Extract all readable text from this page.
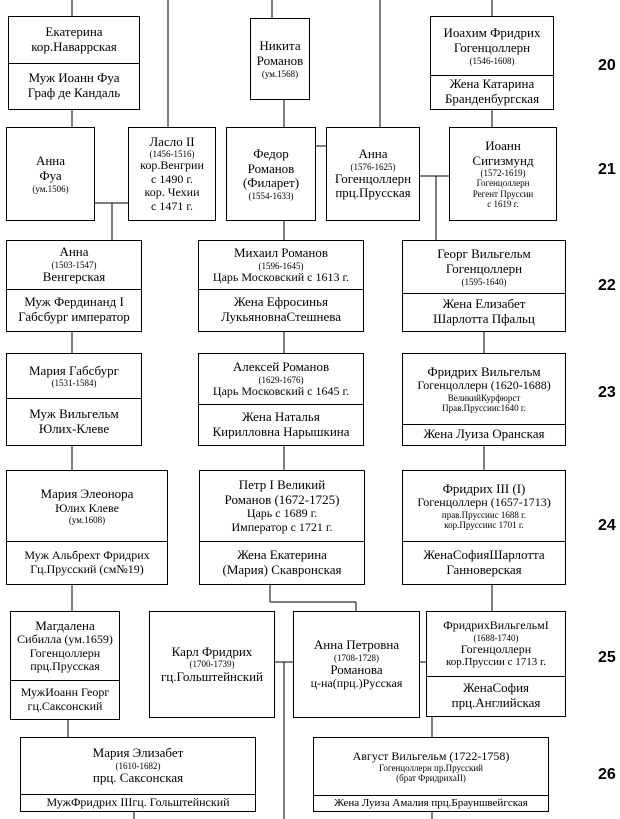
20
21
22
23
24
25
26
Екатерина
кор.Наваррская
Муж Иоанн Фуа
Граф де Кандаль
Никита
Романов
(ум.1568)
Иоахим Фридрих
Гогенцоллерн
(1546-1608)
Жена Катарина
Бранденбургская
Анна
Фуа
(ум.1506)
Ласло II
(1456-1516)
кор.Венгрии
с 1490 г.
кор. Чехии
с 1471 г.
Федор
Романов
(Филарет)
(1554-1633)
Анна
(1576-1625)
Гогенцоллерн
прц.Прусская
Иоанн
Сигизмунд
(1572-1619)
Гогенцоллерн
Регент Пруссии
с 1619 г.
Анна
(1503-1547)
Венгерская
Муж Фердинанд I
Габсбург император
Михаил Романов
(1596-1645)
Царь Московский с 1613 г.
Жена Ефросинья
ЛукьяновнаСтешнева
Георг Вильгельм
Гогенцоллерн
(1595-1640)
Жена Елизабет
Шарлотта Пфальц
Мария Габсбург
(1531-1584)
Муж Вильгельм
Юлих-Клеве
Алексей Романов
(1629-1676)
Царь Московский с 1645 г.
Жена Наталья
Кирилловна Нарышкина
Фридрих Вильгельм
Гогенцоллерн (1620-1688)
ВеликийКурфюрст
Прав.Пруссиис1640 г.
Жена Луиза Оранская
Мария Элеонора
Юлих Клеве
(ум.1608)
Муж Альбрехт Фридрих
Гц.Прусский (см№19)
Петр I Великий
Романов (1672-1725)
Царь с 1689 г.
Император с 1721 г.
Жена Екатерина
(Мария) Скавронская
Фридрих III (I)
Гогенцоллерн (1657-1713)
прав.Пруссиис 1688 г.
кор.Пруссиис 1701 г.
ЖенаСофияШарлотта
Ганноверская
Магдалена
Сибилла (ум.1659)
Гогенцоллерн
прц.Прусская
МужИоанн Георг
гц.Саксонский
Карл Фридрих
(1700-1739)
гц.Гольштейнский
Анна Петровна
(1708-1728)
Романова
ц-на(прц.)Русская
ФридрихВильгельмI
(1688-1740)
Гогенцоллерн
кор.Пруссии с 1713 г.
ЖенаСофия
прц.Английская
Мария Элизабет
(1610-1682)
прц. Саксонская
МужФридрих IIIгц. Гольштейнский
Август Вильгельм (1722-1758)
Гогенцоллерн пр.Прусский
(брат ФридрихаII)
Жена Луиза Амалия прц.Брауншвейгская
